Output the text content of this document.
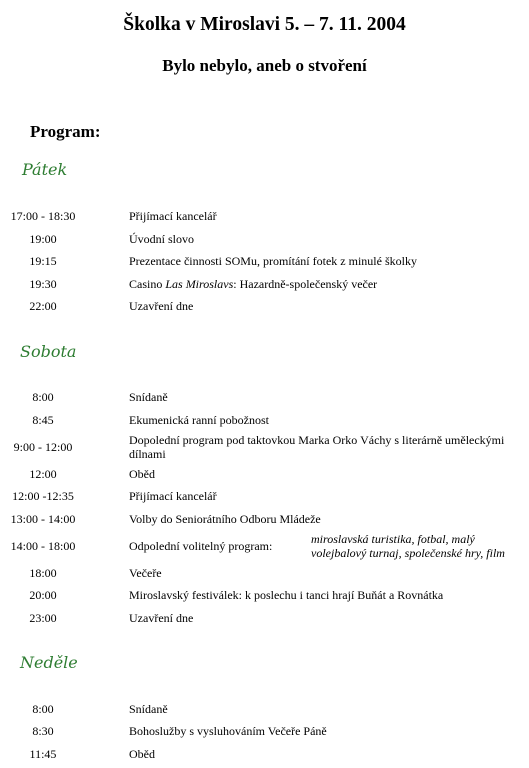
Školka v Miroslavi 5. – 7. 11. 2004
Bylo nebylo, aneb o stvoření
Program:
Pátek
17:00 - 18:30	Přijímací kancelář
19:00	Úvodní slovo
19:15	Prezentace činnosti SOMu, promítání fotek z minulé školky
19:30	Casino Las Miroslavs: Hazardně-společenský večer
22:00	Uzavření dne
Sobota
8:00	Snídaně
8:45	Ekumenická ranní pobožnost
9:00 - 12:00	Dopolední program pod taktovkou Marka Orko Váchy s literárně uměleckými dílnami
12:00	Oběd
12:00 -12:35	Přijímací kancelář
13:00 - 14:00	Volby do Seniorátního Odboru Mládeže
14:00 - 18:00	Odpolední volitelný program:	miroslavská turistika, fotbal, malý volejbalový turnaj, společenské hry, film
18:00	Večeře
20:00	Miroslavský festiválek: k poslechu i tanci hrají Buňát a Rovnátka
23:00	Uzavření dne
Neděle
8:00	Snídaně
8:30	Bohoslužby s vysluhováním Večeře Páně
11:45	Oběd
